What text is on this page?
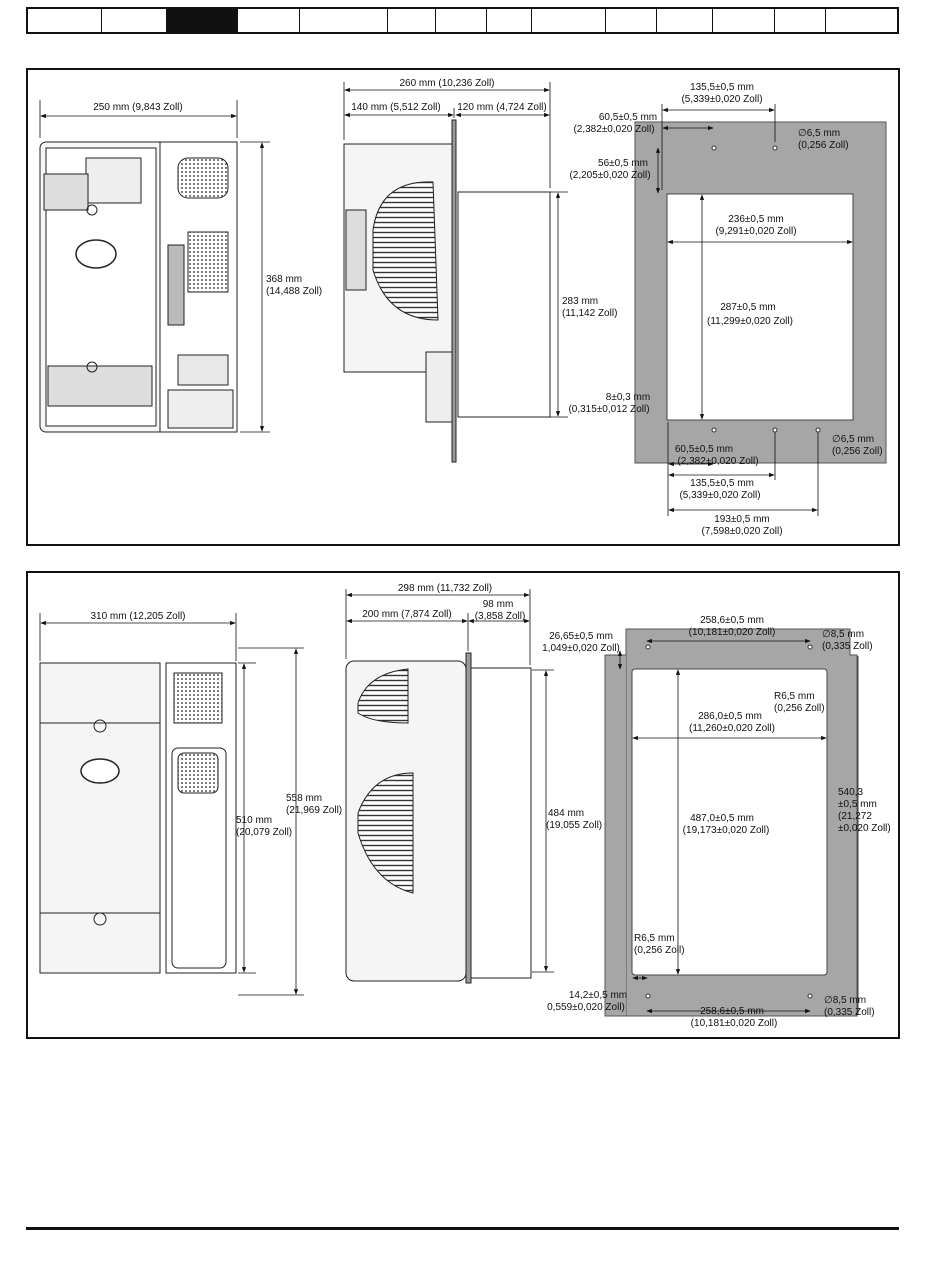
250 mm (9,843 Zoll)
368 mm
(14,488 Zoll)
260 mm (10,236 Zoll)
140 mm (5,512 Zoll) 120 mm (4,724 Zoll)
283 mm
(11,142 Zoll)
135,5±0,5 mm
(5,339±0,020 Zoll)
60,5±0,5 mm
(2,382±0,020 Zoll)	∅6,5 mm
(0,256 Zoll)
56±0,5 mm
(2,205±0,020 Zoll)
236±0,5 mm
(9,291±0,020 Zoll)
287±0,5 mm
(11,299±0,020 Zoll)
8±0,3 mm
(0,315±0,012 Zoll)
∅6,5 mm
(0,256 Zoll)
60,5±0,5 mm
(2,382±0,020 Zoll)
135,5±0,5 mm
(5,339±0,020 Zoll)
193±0,5 mm
(7,598±0,020 Zoll)
310 mm (12,205 Zoll)
510 mm
(20,079 Zoll)
558 mm
(21,969 Zoll)
298 mm (11,732 Zoll)
200 mm (7,874 Zoll)
98 mm
(3,858 Zoll)
484 mm
(19,055 Zoll)
258,6±0,5 mm
(10,181±0,020 Zoll)
26,65±0,5 mm
1,049±0,020 Zoll)
∅8,5 mm
(0,335 Zoll)
R6,5 mm
(0,256 Zoll)
286,0±0,5 mm
(11,260±0,020 Zoll)
487,0±0,5 mm
(19,173±0,020 Zoll)
540,3
±0,5 mm
(21,272
±0,020 Zoll)
R6,5 mm
(0,256 Zoll)
14,2±0,5 mm
0,559±0,020 Zoll)	258,6±0,5 mm
(10,181±0,020 Zoll)
∅8,5 mm
(0,335 Zoll)
